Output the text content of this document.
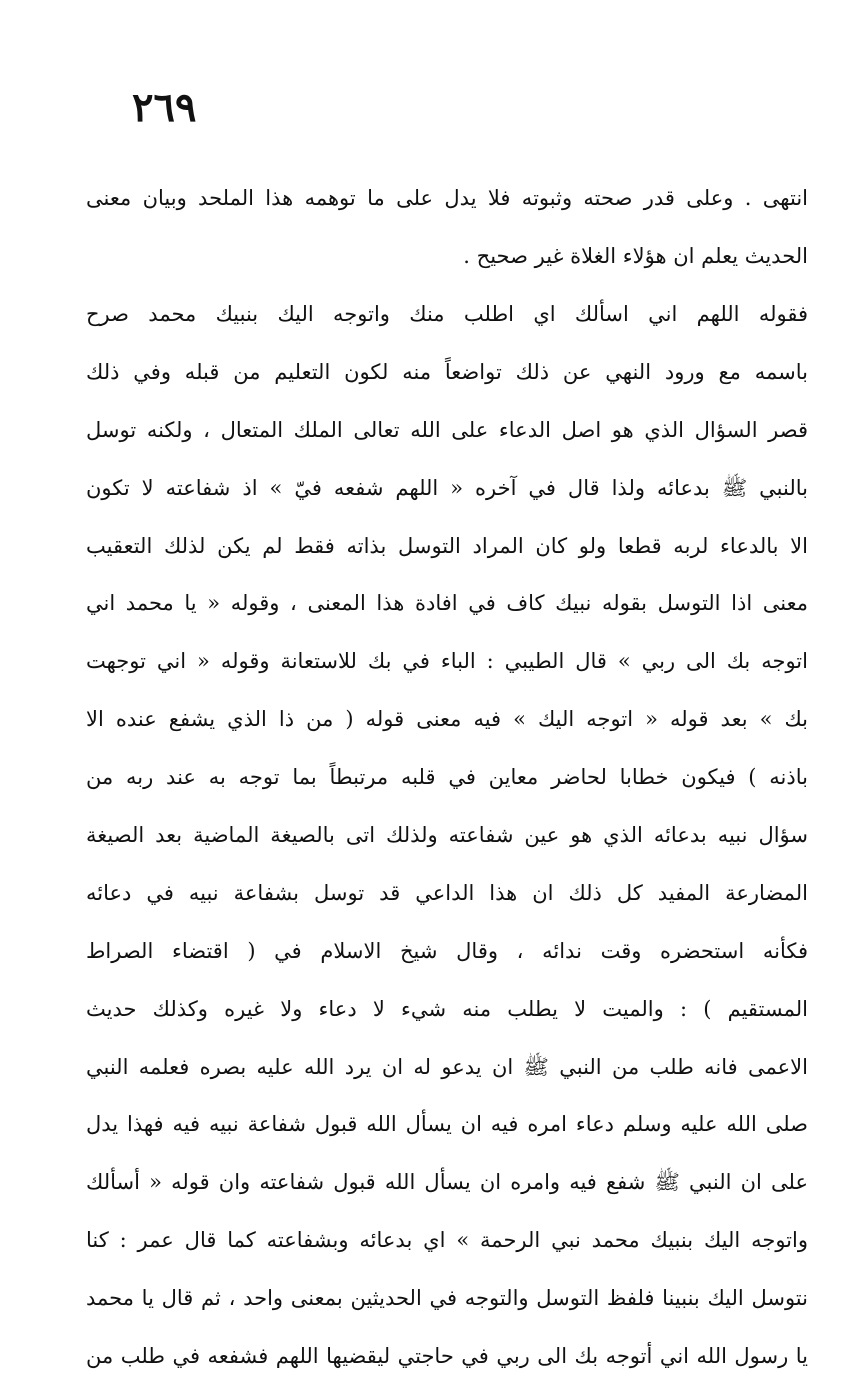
٢٦٩
انتهى . وعلى قدر صحته وثبوته فلا يدل على ما توهمه هذا الملحد وبيان معنى
الحديث يعلم ان هؤلاء الغلاة غير صحيح .
فقوله اللهم اني اسألك اي اطلب منك واتوجه اليك بنبيك محمد صرح
باسمه مع ورود النهي عن ذلك تواضعاً منه لكون التعليم من قبله وفي ذلك
قصر السؤال الذي هو اصل الدعاء على الله تعالى الملك المتعال ، ولكنه توسل
بالنبي ﷺ بدعائه ولذا قال في آخره « اللهم شفعه فيّ » اذ شفاعته لا تكون
الا بالدعاء لربه قطعا ولو كان المراد التوسل بذاته فقط لم يكن لذلك التعقيب
معنى اذا التوسل بقوله نبيك كاف في افادة هذا المعنى ، وقوله « يا محمد اني
اتوجه بك الى ربي » قال الطيبي : الباء في بك للاستعانة وقوله « اني توجهت
بك » بعد قوله « اتوجه اليك » فيه معنى قوله ( من ذا الذي يشفع عنده الا
باذنه ) فيكون خطابا لحاضر معاين في قلبه مرتبطاً بما توجه به عند ربه من
سؤال نبيه بدعائه الذي هو عين شفاعته ولذلك اتى بالصيغة الماضية بعد الصيغة
المضارعة المفيد كل ذلك ان هذا الداعي قد توسل بشفاعة نبيه في دعائه
فكأنه استحضره وقت ندائه ، وقال شيخ الاسلام في ( اقتضاء الصراط
المستقيم ) : والميت لا يطلب منه شيء لا دعاء ولا غيره وكذلك حديث
الاعمى فانه طلب من النبي ﷺ ان يدعو له ان يرد الله عليه بصره فعلمه النبي
صلى الله عليه وسلم دعاء امره فيه ان يسأل الله قبول شفاعة نبيه فيه فهذا يدل
على ان النبي ﷺ شفع فيه وامره ان يسأل الله قبول شفاعته وان قوله « أسألك
واتوجه اليك بنبيك محمد نبي الرحمة » اي بدعائه وبشفاعته كما قال عمر : كنا
نتوسل اليك بنبينا فلفظ التوسل والتوجه في الحديثين بمعنى واحد ، ثم قال يا محمد
يا رسول الله اني أتوجه بك الى ربي في حاجتي ليقضيها اللهم فشفعه في طلب من
